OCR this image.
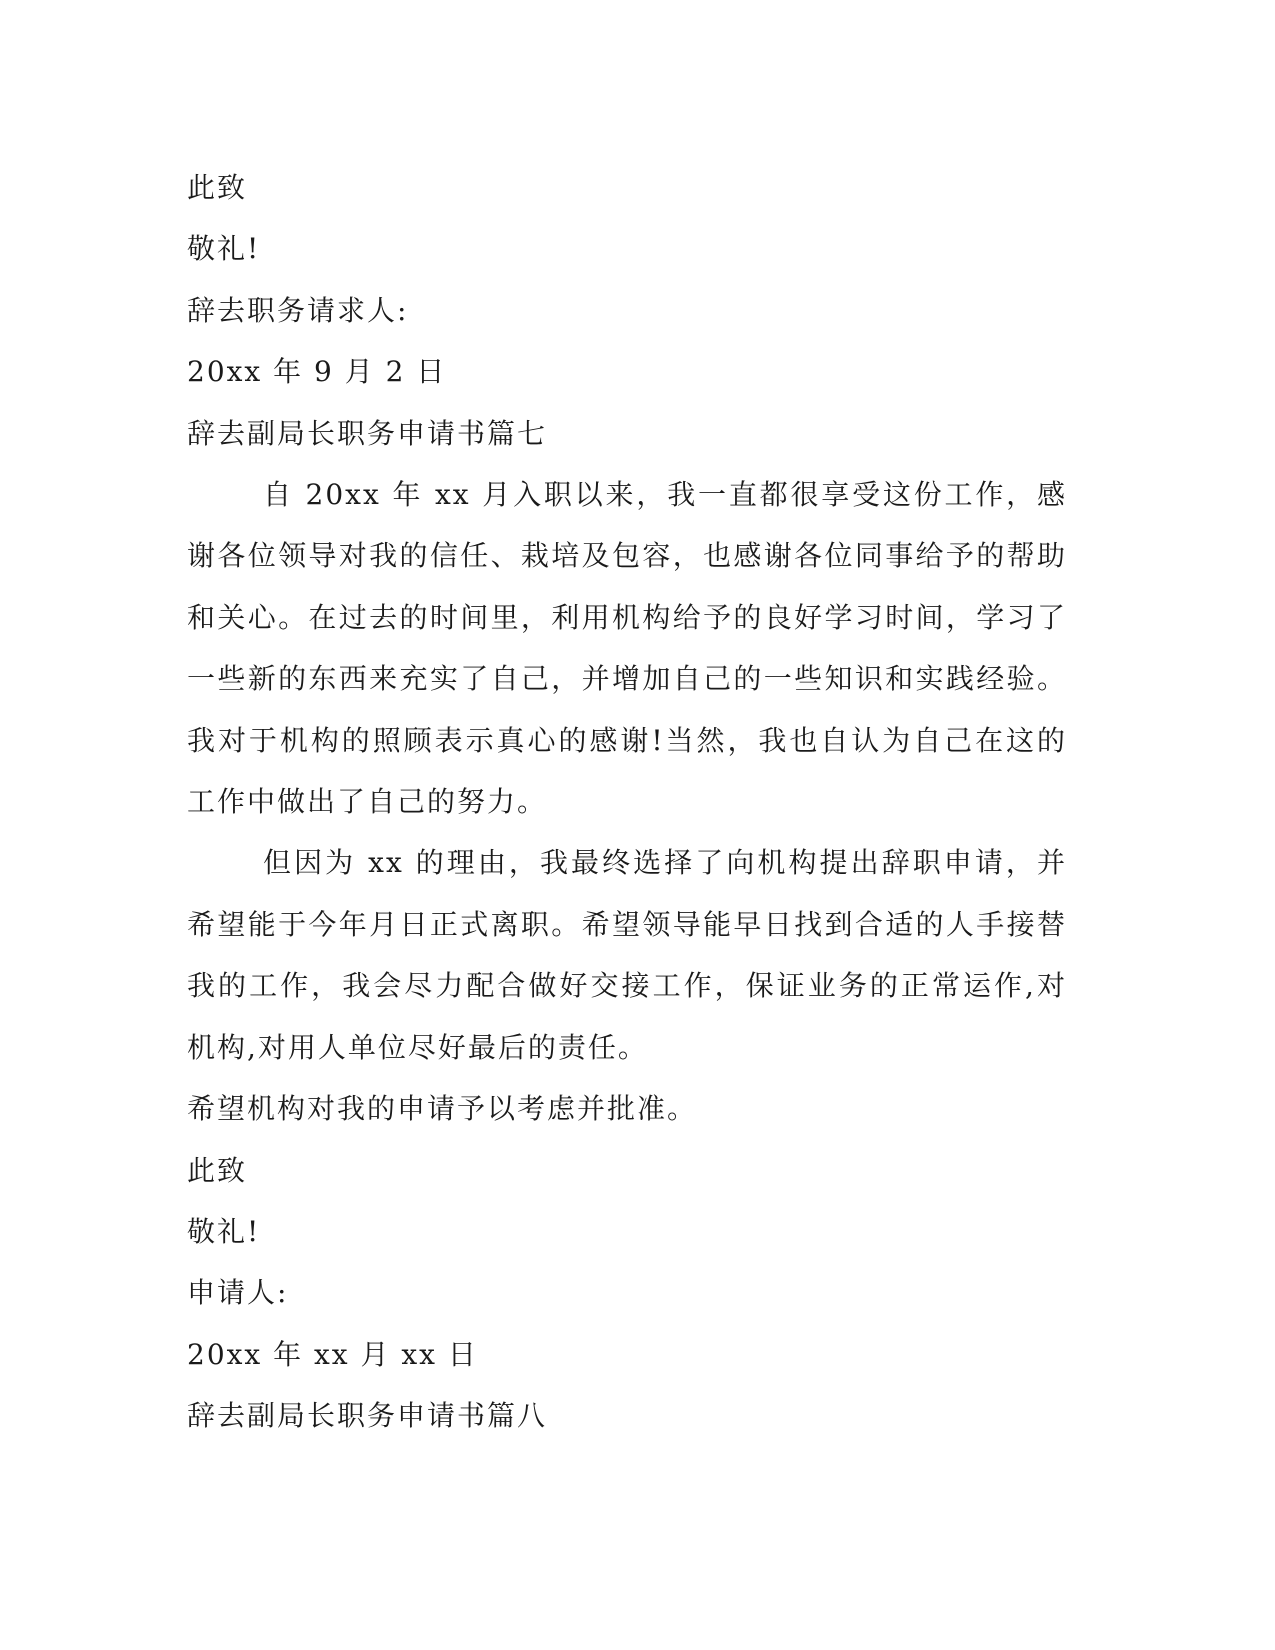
此致

敬礼!

辞去职务请求人:

20xx 年 9 月 2 日

辞去副局长职务申请书篇七

自 20xx 年 xx 月入职以来，我一直都很享受这份工作，感谢各位领导对我的信任、栽培及包容，也感谢各位同事给予的帮助和关心。在过去的时间里，利用机构给予的良好学习时间，学习了一些新的东西来充实了自己，并增加自己的一些知识和实践经验。我对于机构的照顾表示真心的感谢!当然，我也自认为自己在这的工作中做出了自己的努力。

但因为 xx 的理由，我最终选择了向机构提出辞职申请，并希望能于今年月日正式离职。希望领导能早日找到合适的人手接替我的工作，我会尽力配合做好交接工作，保证业务的正常运作,对机构,对用人单位尽好最后的责任。

希望机构对我的申请予以考虑并批准。

此致

敬礼!

申请人:

20xx 年 xx 月 xx 日

辞去副局长职务申请书篇八
